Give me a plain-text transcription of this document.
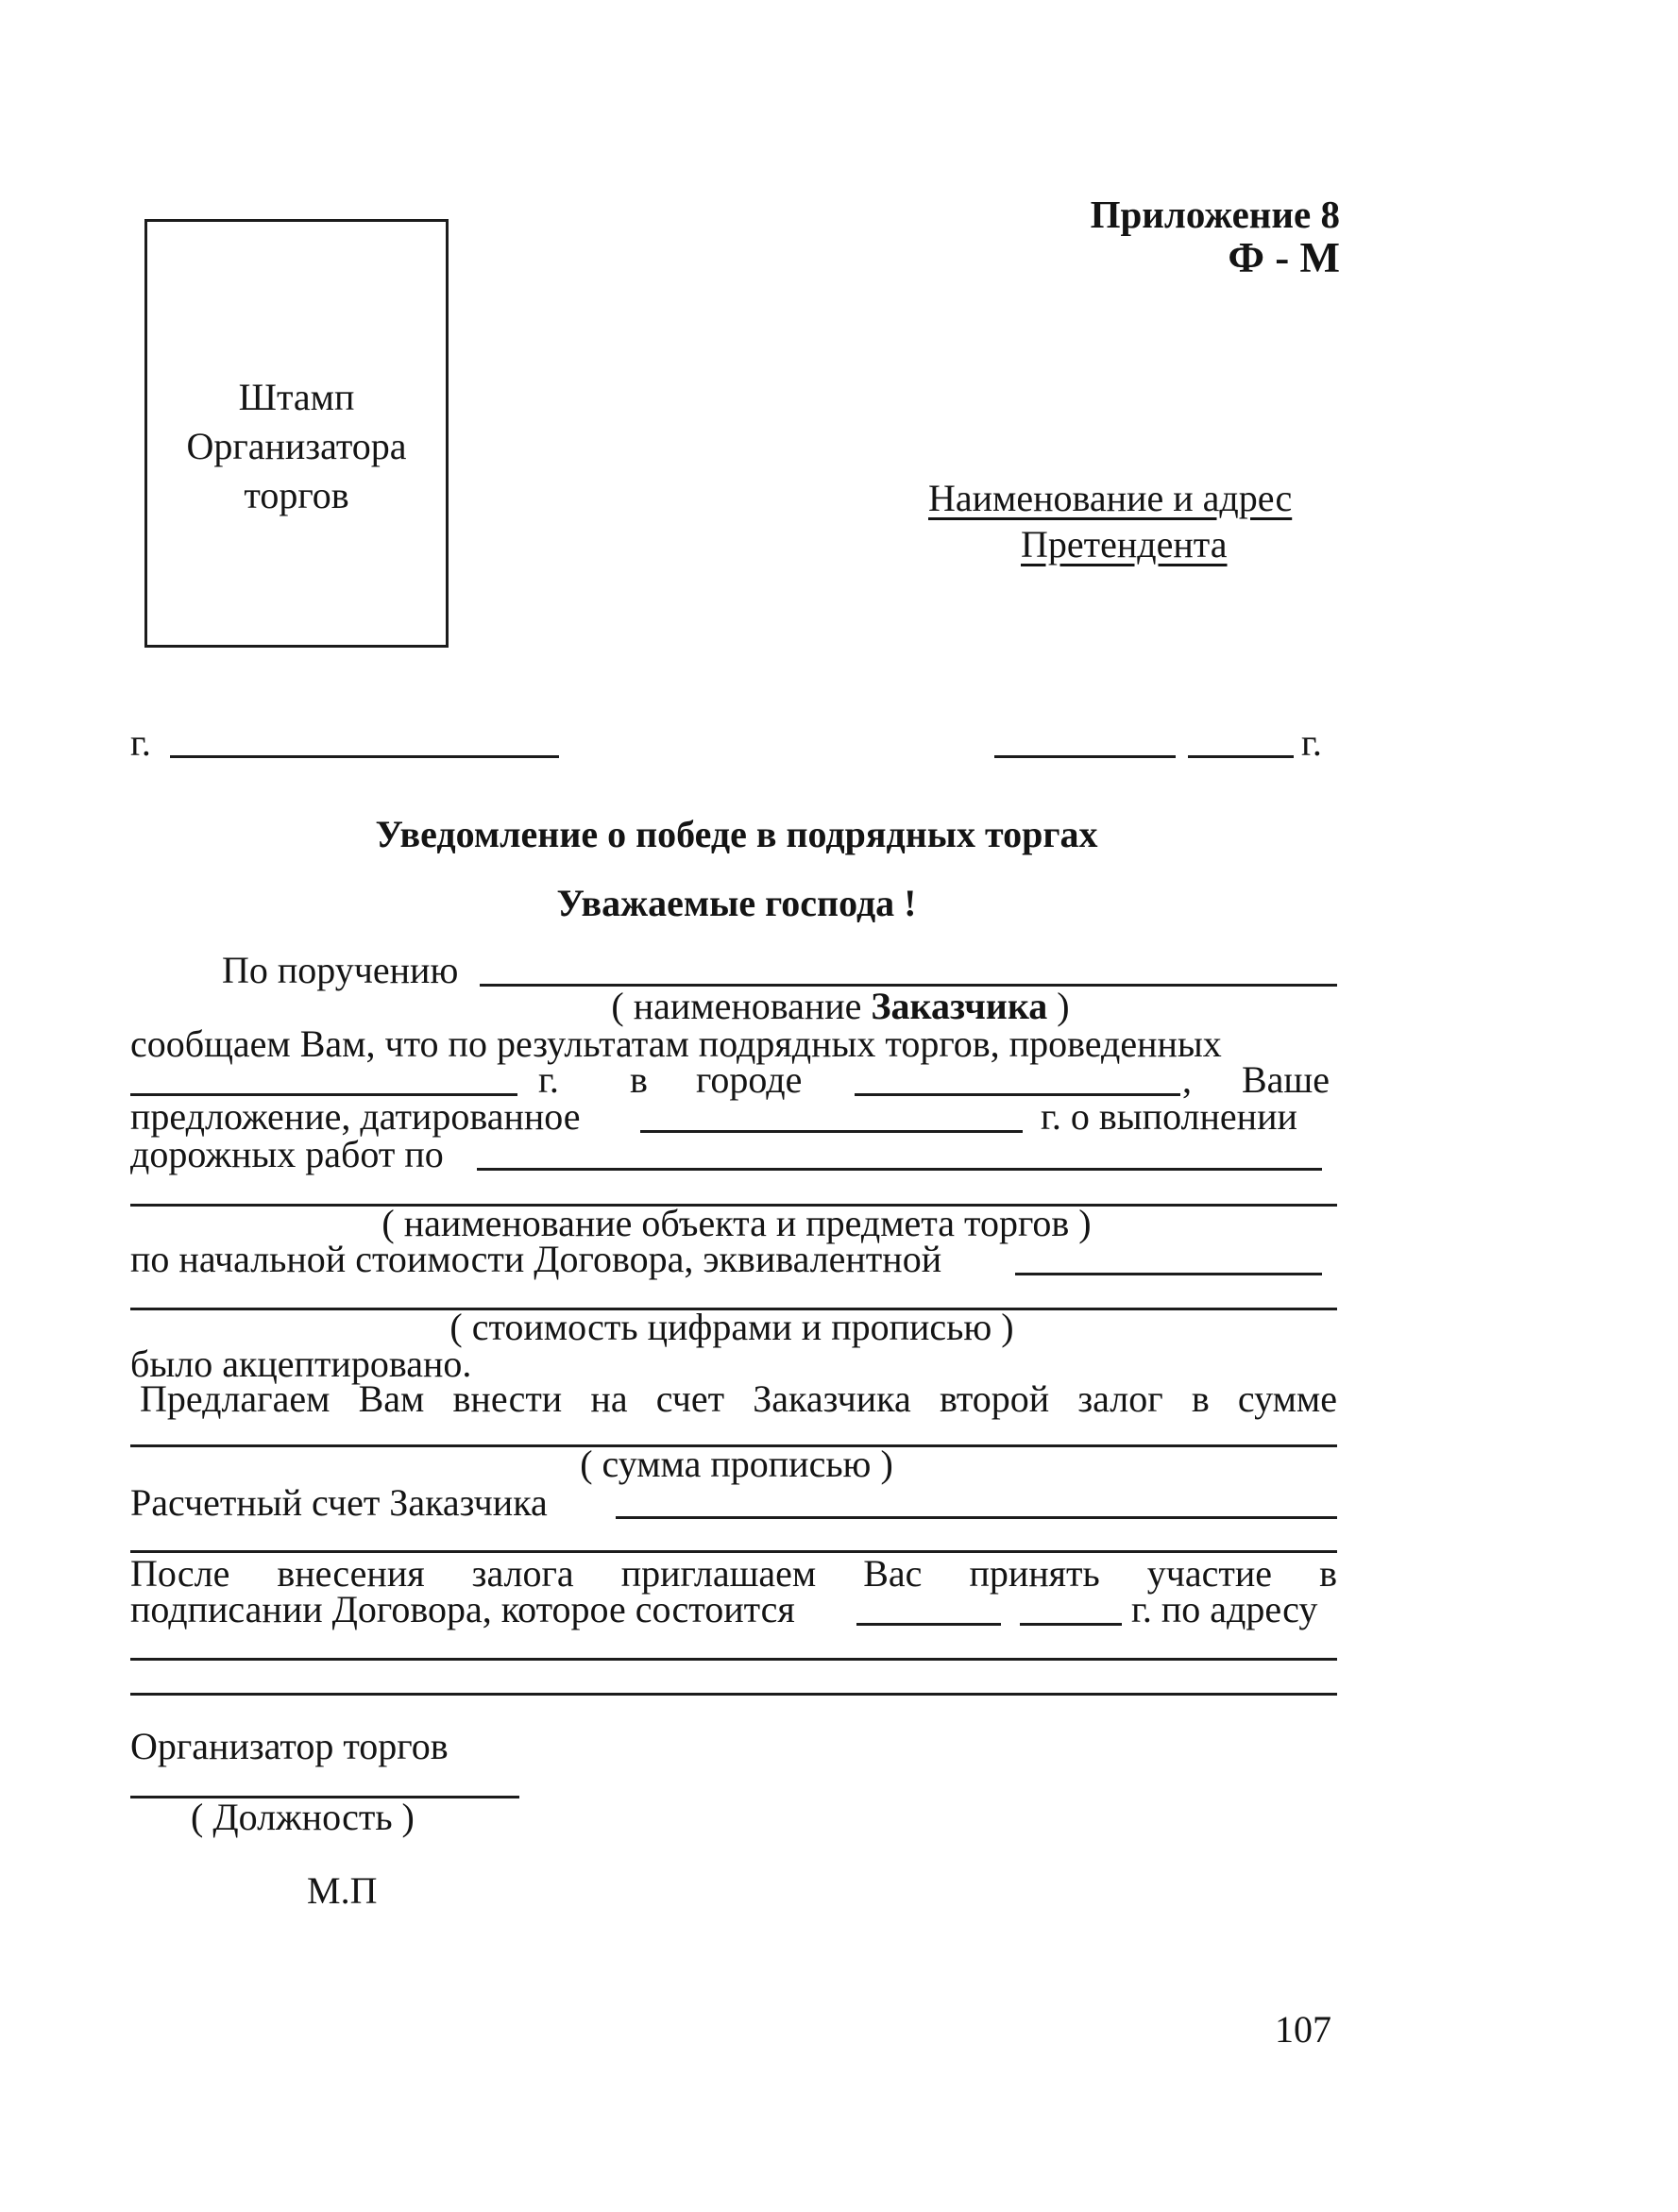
Приложение 8
Ф - М
Штамп
Организатора
торгов	Наименование и адрес
Претендента
г.	г.
Уведомление о победе в подрядных торгах
Уважаемые господа !
По поручению
( наименование Заказчика )
сообщаем Вам, что по результатам подрядных торгов, проведенных
г. в городе	, Ваше
предложение, датированное	г. о выполнении
дорожных работ по
( наименование объекта и предмета торгов )
по начальной стоимости Договора, эквивалентной
( стоимость цифрами и прописью )
было акцептировано.
Предлагаем Вам внести на счет Заказчика второй залог в сумме
( сумма прописью )
Расчетный счет Заказчика
После внесения залога приглашаем Вас принять участие в
подписании Договора, которое состоится	г. по адресу
Организатор торгов
( Должность )
М.П
107
